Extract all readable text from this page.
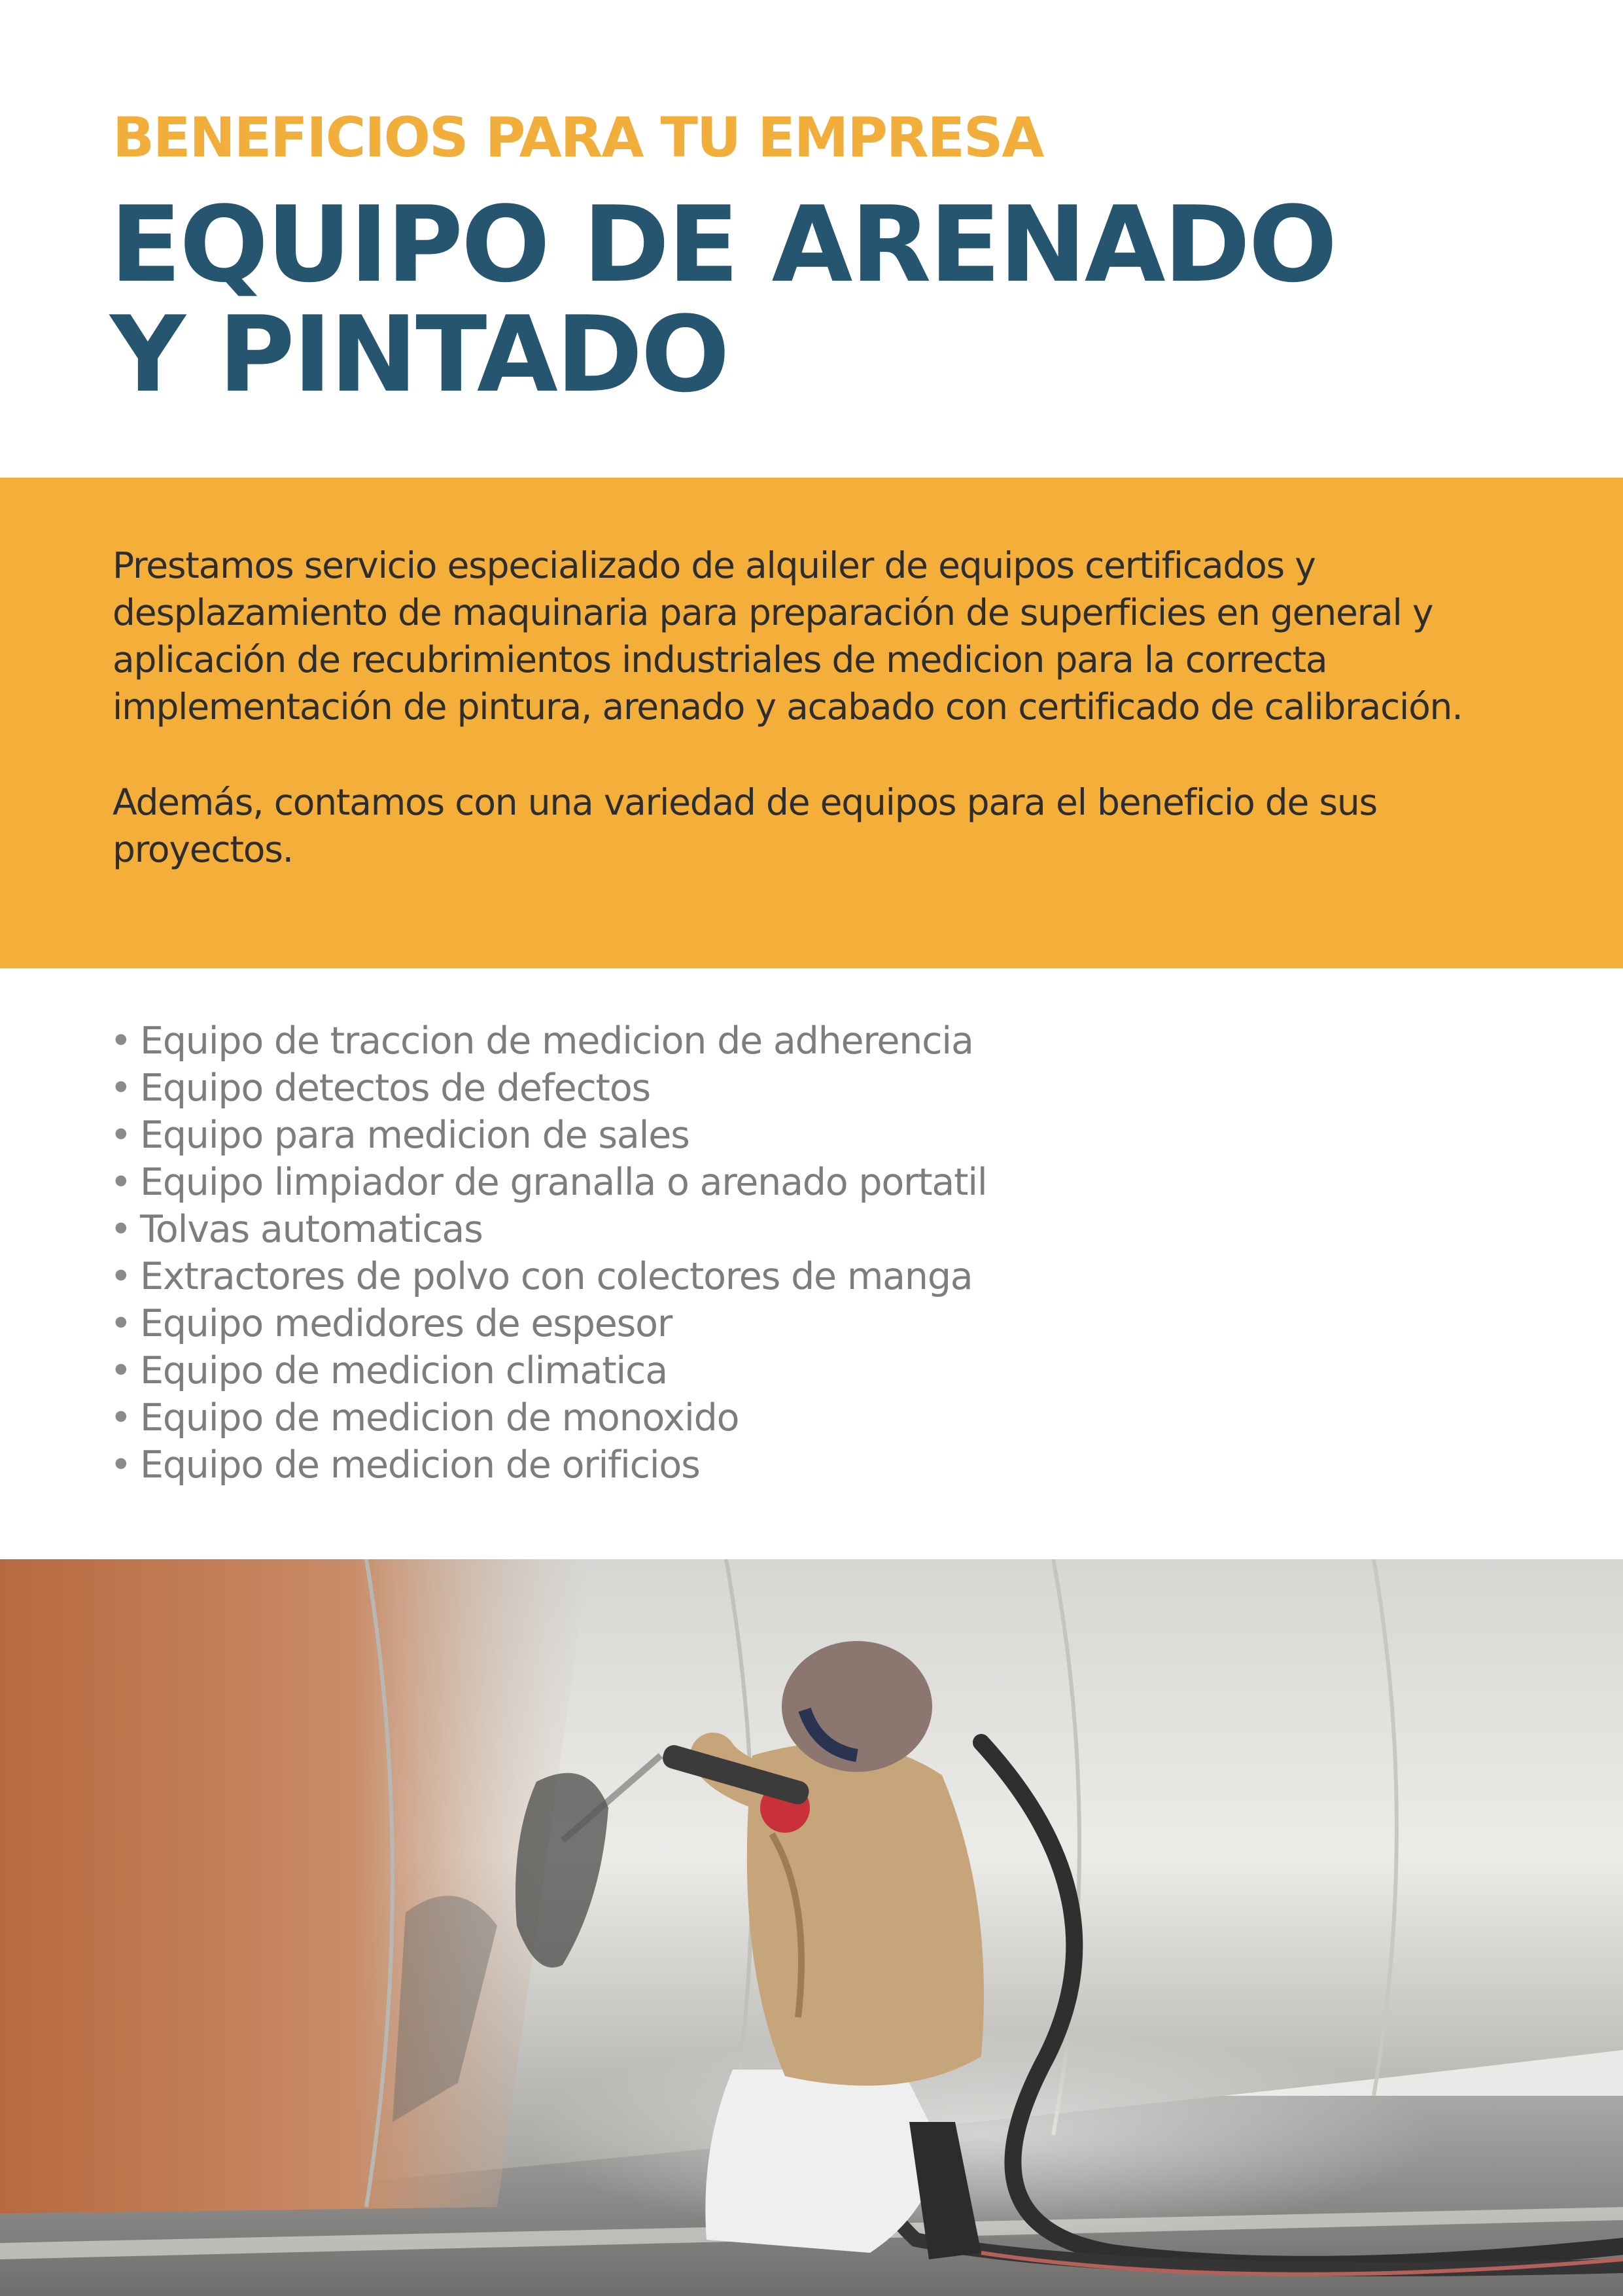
BENEFICIOS PARA TU EMPRESA
EQUIPO DE ARENADO
Y PINTADO

Prestamos servicio especializado de alquiler de equipos certificados y
desplazamiento de maquinaria para preparación de superficies en general y
aplicación de recubrimientos industriales de medicion para la correcta
implementación de pintura, arenado y acabado con certificado de calibración.

Además, contamos con una variedad de equipos para el beneficio de sus
proyectos.

• Equipo de traccion de medicion de adherencia
• Equipo detectos de defectos
• Equipo para medicion de sales
• Equipo limpiador de granalla o arenado portatil
• Tolvas automaticas
• Extractores de polvo con colectores de manga
• Equipo medidores de espesor
• Equipo de medicion climatica
• Equipo de medicion de monoxido
• Equipo de medicion de orificios
